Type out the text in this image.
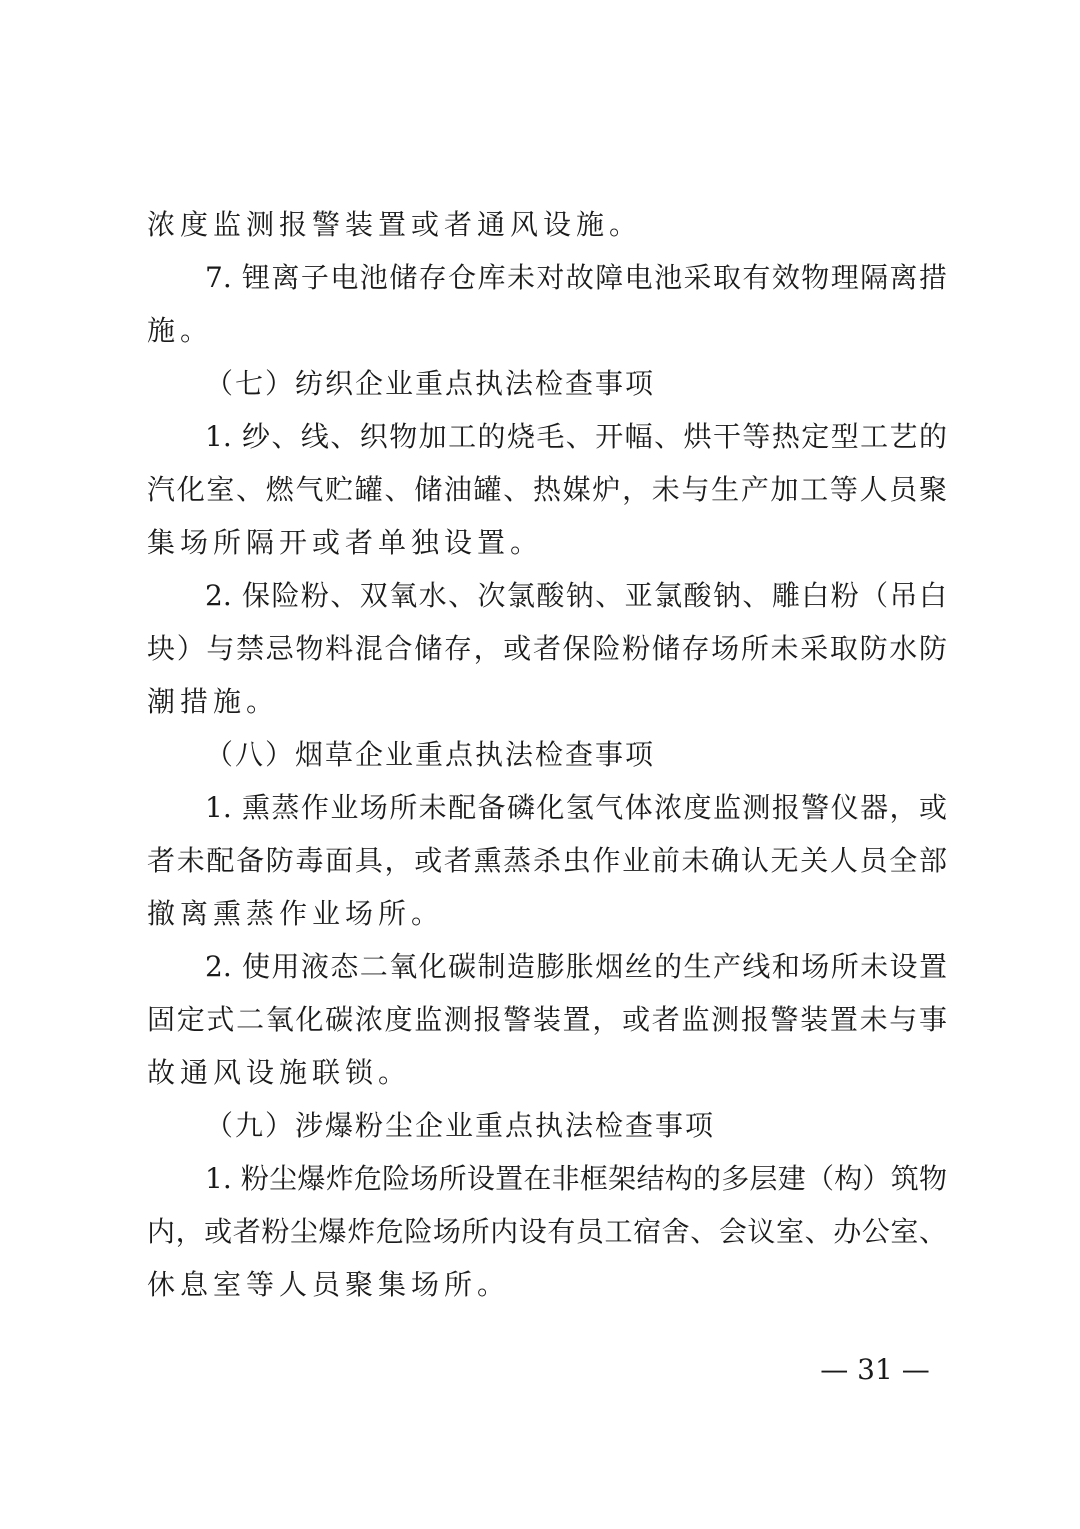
浓度监测报警装置或者通风设施。
7. 锂离子电池储存仓库未对故障电池采取有效物理隔离措
施。
（七）纺织企业重点执法检查事项
1. 纱、线、织物加工的烧毛、开幅、烘干等热定型工艺的
汽化室、燃气贮罐、储油罐、热媒炉，未与生产加工等人员聚
集场所隔开或者单独设置。
2. 保险粉、双氧水、次氯酸钠、亚氯酸钠、雕白粉（吊白
块）与禁忌物料混合储存，或者保险粉储存场所未采取防水防
潮措施。
（八）烟草企业重点执法检查事项
1. 熏蒸作业场所未配备磷化氢气体浓度监测报警仪器，或
者未配备防毒面具，或者熏蒸杀虫作业前未确认无关人员全部
撤离熏蒸作业场所。
2. 使用液态二氧化碳制造膨胀烟丝的生产线和场所未设置
固定式二氧化碳浓度监测报警装置，或者监测报警装置未与事
故通风设施联锁。
（九）涉爆粉尘企业重点执法检查事项
1. 粉尘爆炸危险场所设置在非框架结构的多层建（构）筑物
内，或者粉尘爆炸危险场所内设有员工宿舍、会议室、办公室、
休息室等人员聚集场所。
— 31 —
